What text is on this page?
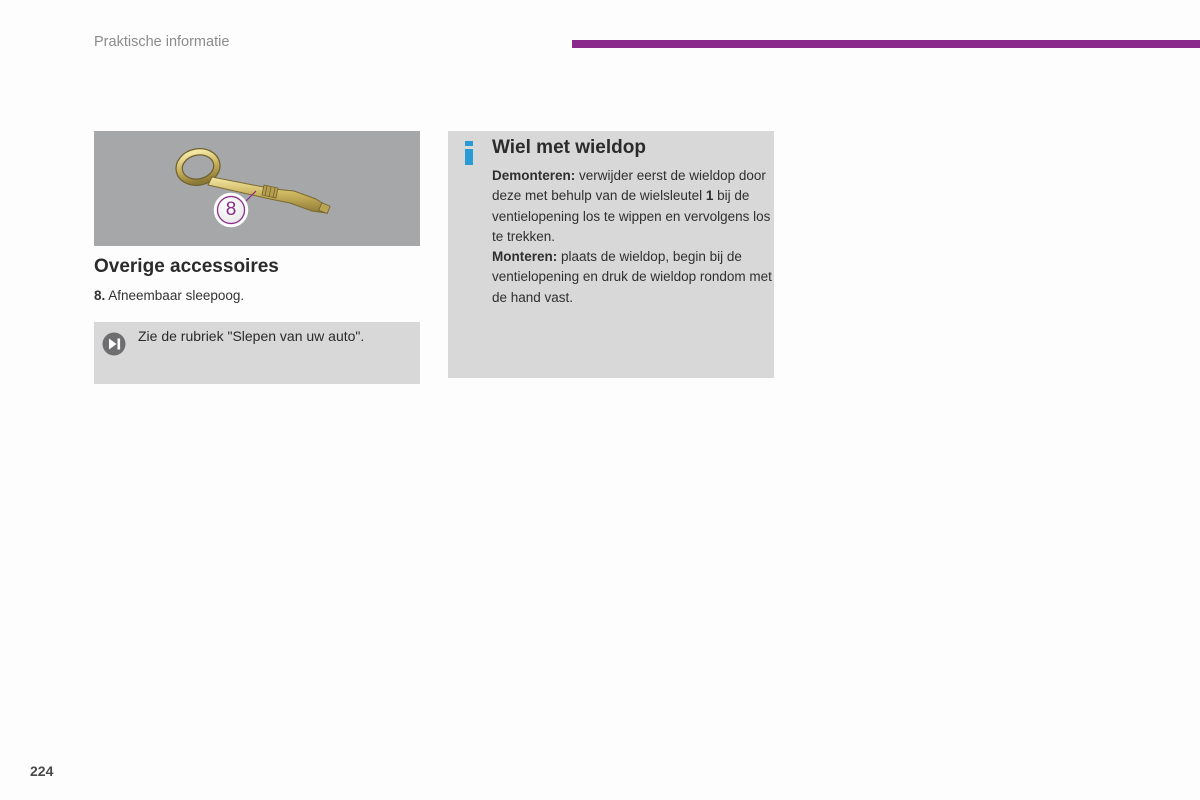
Praktische informatie
8
Overige accessoires
8. Afneembaar sleepoog.
Zie de rubriek "Slepen van uw auto".
Wiel met wieldop
Demonteren: verwijder eerst de wieldop door deze met behulp van de wielsleutel 1 bij de ventielopening los te wippen en vervolgens los te trekken.
Monteren: plaats de wieldop, begin bij de ventielopening en druk de wieldop rondom met de hand vast.
224
